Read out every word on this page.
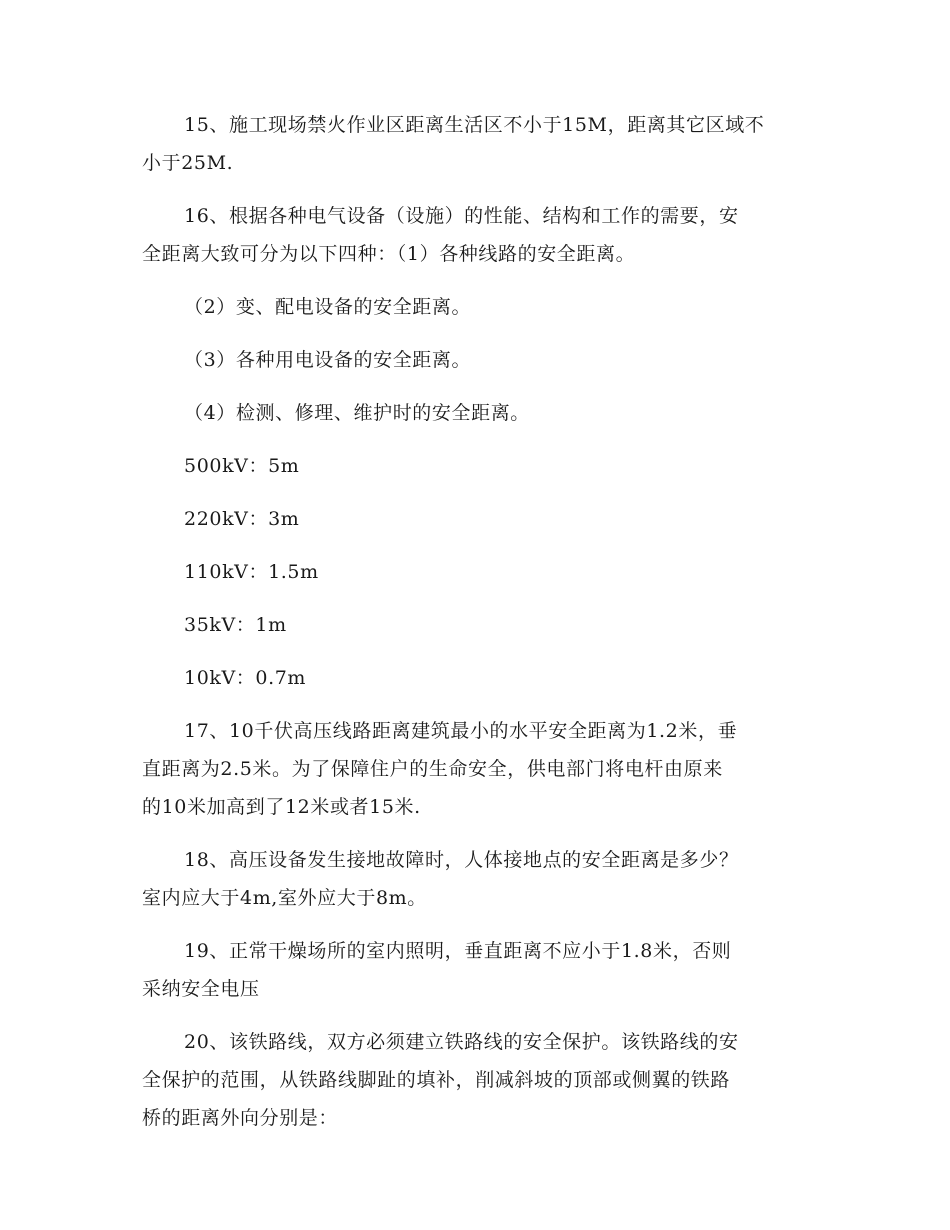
15、施工现场禁火作业区距离生活区不小于15M，距离其它区域不
小于25M.

16、根据各种电气设备（设施）的性能、结构和工作的需要，安
全距离大致可分为以下四种：（1）各种线路的安全距离。

（2）变、配电设备的安全距离。

（3）各种用电设备的安全距离。

（4）检测、修理、维护时的安全距离。

500kV：5m

220kV：3m

110kV：1.5m

35kV：1m

10kV：0.7m

17、10千伏高压线路距离建筑最小的水平安全距离为1.2米，垂
直距离为2.5米。为了保障住户的生命安全，供电部门将电杆由原来
的10米加高到了12米或者15米.

18、高压设备发生接地故障时，人体接地点的安全距离是多少？
室内应大于4m,室外应大于8m。

19、正常干燥场所的室内照明，垂直距离不应小于1.8米，否则
采纳安全电压

20、该铁路线，双方必须建立铁路线的安全保护。该铁路线的安
全保护的范围，从铁路线脚趾的填补，削减斜坡的顶部或侧翼的铁路
桥的距离外向分别是：
